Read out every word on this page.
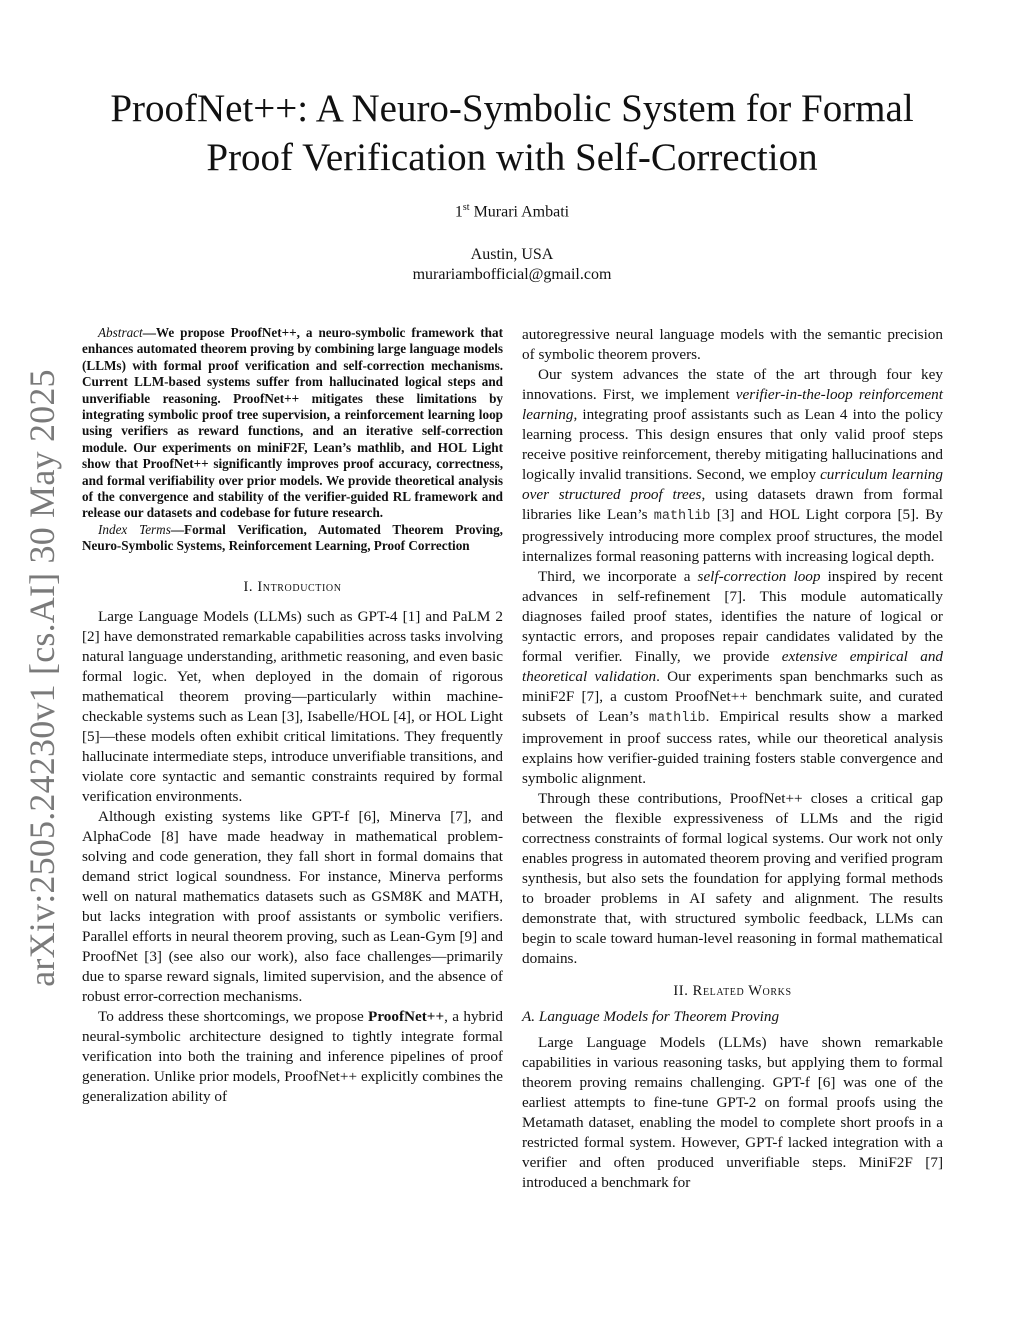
arXiv:2505.24230v1 [cs.AI] 30 May 2025
ProofNet++: A Neuro-Symbolic System for Formal
Proof Verification with Self-Correction
1st Murari Ambati
Austin, USA
murariambofficial@gmail.com

Abstract—We propose ProofNet++, a neuro-symbolic framework that enhances automated theorem proving by combining large language models (LLMs) with formal proof verification and self-correction mechanisms. Current LLM-based systems suffer from hallucinated logical steps and unverifiable reasoning. ProofNet++ mitigates these limitations by integrating symbolic proof tree supervision, a reinforcement learning loop using verifiers as reward functions, and an iterative self-correction module. Our experiments on miniF2F, Lean’s mathlib, and HOL Light show that ProofNet++ significantly improves proof accuracy, correctness, and formal verifiability over prior models. We provide theoretical analysis of the convergence and stability of the verifier-guided RL framework and release our datasets and codebase for future research.

Index Terms—Formal Verification, Automated Theorem Proving, Neuro-Symbolic Systems, Reinforcement Learning, Proof Correction

I. Introduction

Large Language Models (LLMs) such as GPT-4 [1] and PaLM 2 [2] have demonstrated remarkable capabilities across tasks involving natural language understanding, arithmetic reasoning, and even basic formal logic. Yet, when deployed in the domain of rigorous mathematical theorem proving—particularly within machine-checkable systems such as Lean [3], Isabelle/HOL [4], or HOL Light [5]—these models often exhibit critical limitations. They frequently hallucinate intermediate steps, introduce unverifiable transitions, and violate core syntactic and semantic constraints required by formal verification environments.

Although existing systems like GPT-f [6], Minerva [7], and AlphaCode [8] have made headway in mathematical problem-solving and code generation, they fall short in formal domains that demand strict logical soundness. For instance, Minerva performs well on natural mathematics datasets such as GSM8K and MATH, but lacks integration with proof assistants or symbolic verifiers. Parallel efforts in neural theorem proving, such as Lean-Gym [9] and ProofNet [3] (see also our work), also face challenges—primarily due to sparse reward signals, limited supervision, and the absence of robust error-correction mechanisms.

To address these shortcomings, we propose ProofNet++, a hybrid neural-symbolic architecture designed to tightly integrate formal verification into both the training and inference pipelines of proof generation. Unlike prior models, ProofNet++ explicitly combines the generalization ability of

autoregressive neural language models with the semantic precision of symbolic theorem provers.

Our system advances the state of the art through four key innovations. First, we implement verifier-in-the-loop reinforcement learning, integrating proof assistants such as Lean 4 into the policy learning process. This design ensures that only valid proof steps receive positive reinforcement, thereby mitigating hallucinations and logically invalid transitions. Second, we employ curriculum learning over structured proof trees, using datasets drawn from formal libraries like Lean’s mathlib [3] and HOL Light corpora [5]. By progressively introducing more complex proof structures, the model internalizes formal reasoning patterns with increasing logical depth.

Third, we incorporate a self-correction loop inspired by recent advances in self-refinement [7]. This module automatically diagnoses failed proof states, identifies the nature of logical or syntactic errors, and proposes repair candidates validated by the formal verifier. Finally, we provide extensive empirical and theoretical validation. Our experiments span benchmarks such as miniF2F [7], a custom ProofNet++ benchmark suite, and curated subsets of Lean’s mathlib. Empirical results show a marked improvement in proof success rates, while our theoretical analysis explains how verifier-guided training fosters stable convergence and symbolic alignment.

Through these contributions, ProofNet++ closes a critical gap between the flexible expressiveness of LLMs and the rigid correctness constraints of formal logical systems. Our work not only enables progress in automated theorem proving and verified program synthesis, but also sets the foundation for applying formal methods to broader problems in AI safety and alignment. The results demonstrate that, with structured symbolic feedback, LLMs can begin to scale toward human-level reasoning in formal mathematical domains.

II. Related Works
A. Language Models for Theorem Proving

Large Language Models (LLMs) have shown remarkable capabilities in various reasoning tasks, but applying them to formal theorem proving remains challenging. GPT-f [6] was one of the earliest attempts to fine-tune GPT-2 on formal proofs using the Metamath dataset, enabling the model to complete short proofs in a restricted formal system. However, GPT-f lacked integration with a verifier and often produced unverifiable steps. MiniF2F [7] introduced a benchmark for
